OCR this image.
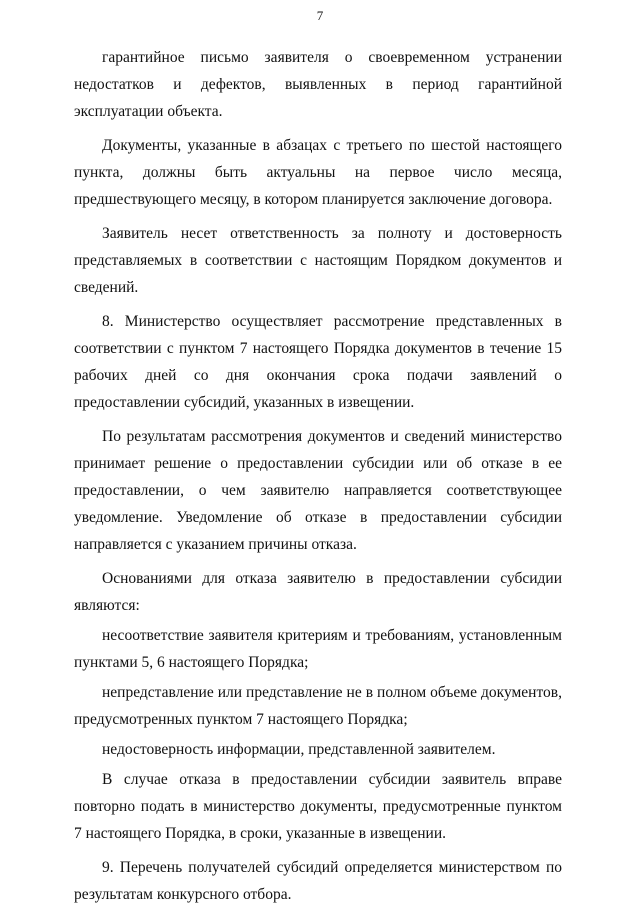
7

гарантийное письмо заявителя о своевременном устранении недостатков и дефектов, выявленных в период гарантийной эксплуатации объекта.

Документы, указанные в абзацах с третьего по шестой настоящего пункта, должны быть актуальны на первое число месяца, предшествующего месяцу, в котором планируется заключение договора.

Заявитель несет ответственность за полноту и достоверность представляемых в соответствии с настоящим Порядком документов и сведений.

8. Министерство осуществляет рассмотрение представленных в соответствии с пунктом 7 настоящего Порядка документов в течение 15 рабочих дней со дня окончания срока подачи заявлений о предоставлении субсидий, указанных в извещении.

По результатам рассмотрения документов и сведений министерство принимает решение о предоставлении субсидии или об отказе в ее предоставлении, о чем заявителю направляется соответствующее уведомление. Уведомление об отказе в предоставлении субсидии направляется с указанием причины отказа.

Основаниями для отказа заявителю в предоставлении субсидии являются:

несоответствие заявителя критериям и требованиям, установленным пунктами 5, 6 настоящего Порядка;

непредставление или представление не в полном объеме документов, предусмотренных пунктом 7 настоящего Порядка;

недостоверность информации, представленной заявителем.

В случае отказа в предоставлении субсидии заявитель вправе повторно подать в министерство документы, предусмотренные пунктом 7 настоящего Порядка, в сроки, указанные в извещении.

9. Перечень получателей субсидий определяется министерством по результатам конкурсного отбора.
